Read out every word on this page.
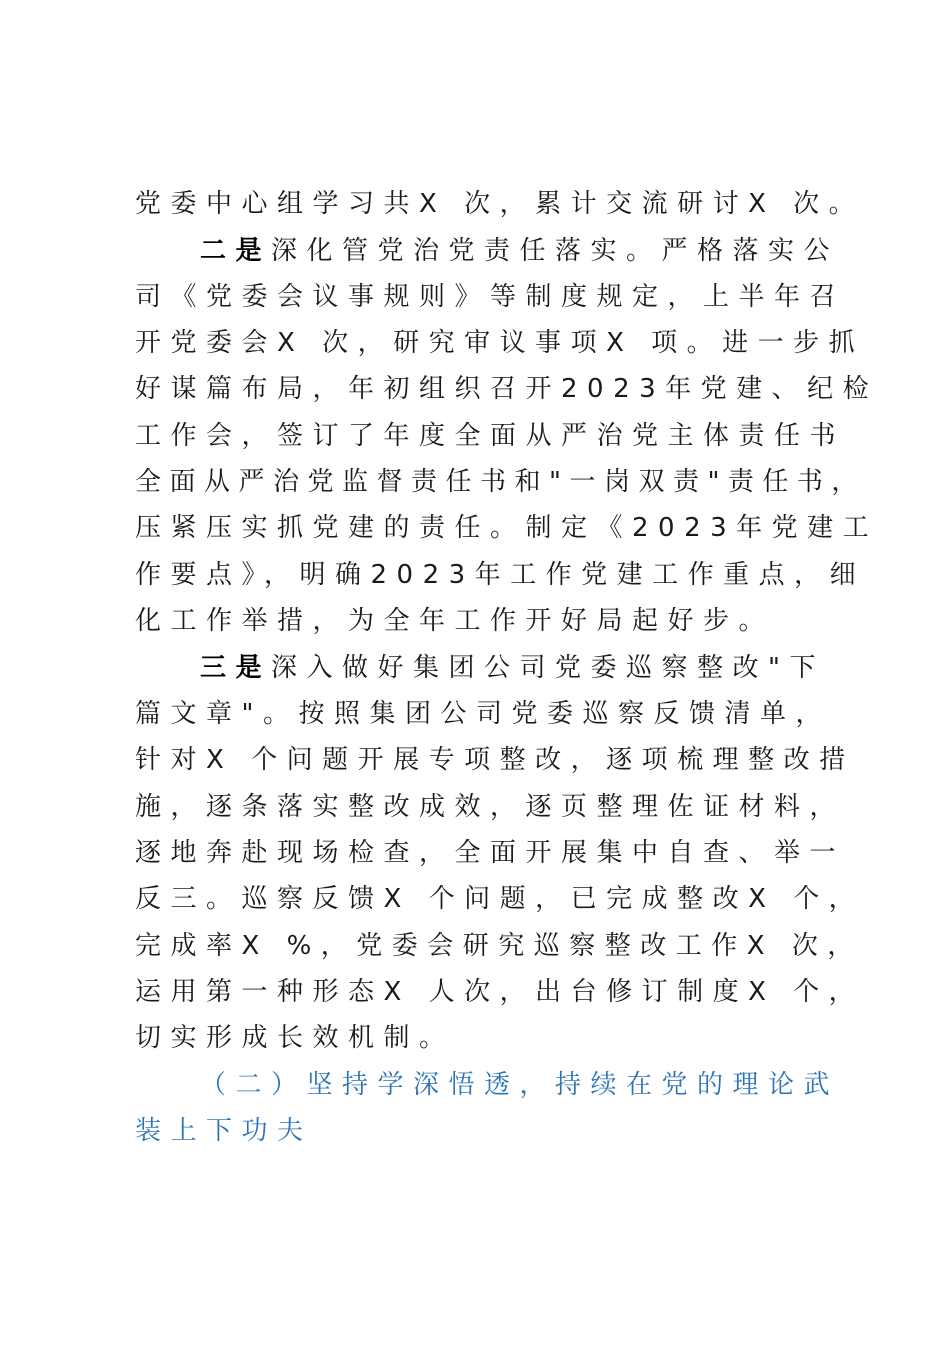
党委中心组学习共X 次，累计交流研讨X 次。
二是深化管党治党责任落实。严格落实公
司《党委会议事规则》等制度规定，上半年召
开党委会X 次，研究审议事项X 项。进一步抓
好谋篇布局，年初组织召开2023年党建、纪检
工作会，签订了年度全面从严治党主体责任书
全面从严治党监督责任书和"一岗双责"责任书，
压紧压实抓党建的责任。制定《2023年党建工
作要点》，明确2023年工作党建工作重点，细
化工作举措，为全年工作开好局起好步。
三是深入做好集团公司党委巡察整改"下
篇文章"。按照集团公司党委巡察反馈清单，
针对X 个问题开展专项整改，逐项梳理整改措
施，逐条落实整改成效，逐页整理佐证材料，
逐地奔赴现场检查，全面开展集中自查、举一
反三。巡察反馈X 个问题，已完成整改X 个，
完成率X %，党委会研究巡察整改工作X 次，
运用第一种形态X 人次，出台修订制度X 个，
切实形成长效机制。
（二）坚持学深悟透，持续在党的理论武
装上下功夫
